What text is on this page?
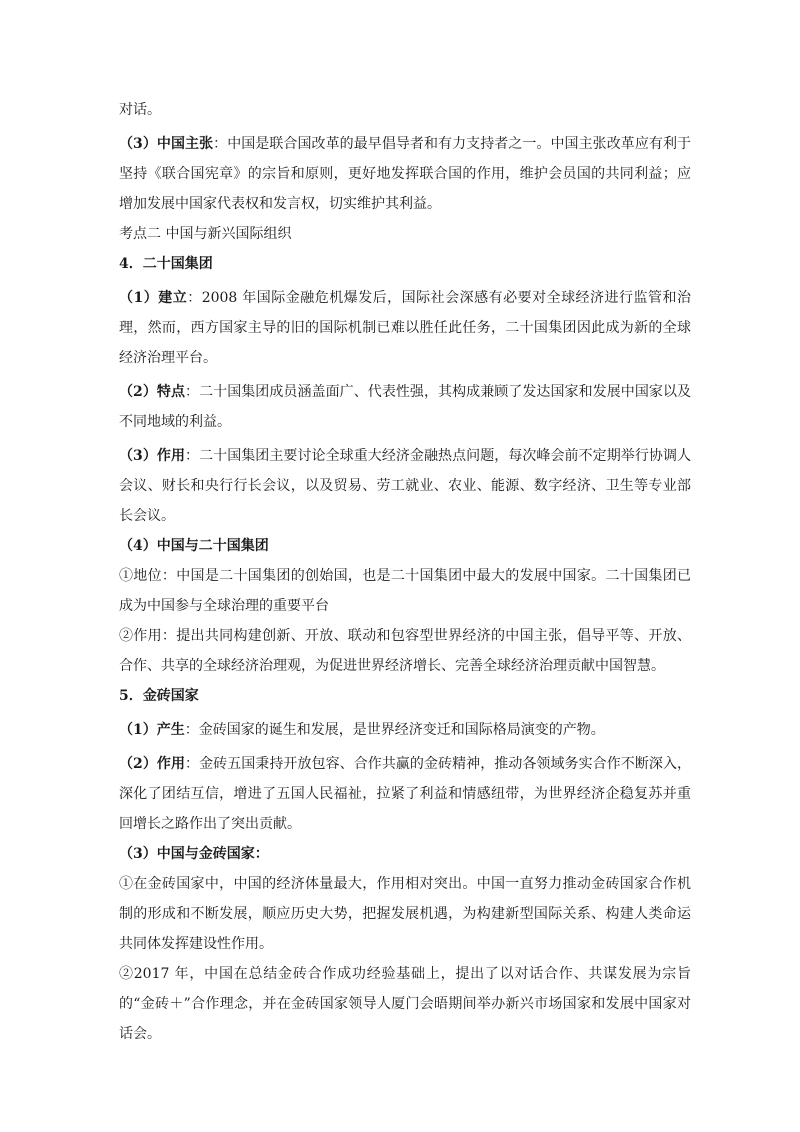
对话。

（3）中国主张：中国是联合国改革的最早倡导者和有力支持者之一。中国主张改革应有利于坚持《联合国宪章》的宗旨和原则，更好地发挥联合国的作用，维护会员国的共同利益；应增加发展中国家代表权和发言权，切实维护其利益。

考点二 中国与新兴国际组织

4．二十国集团

（1）建立：2008 年国际金融危机爆发后，国际社会深感有必要对全球经济进行监管和治理，然而，西方国家主导的旧的国际机制已难以胜任此任务，二十国集团因此成为新的全球经济治理平台。

（2）特点：二十国集团成员涵盖面广、代表性强，其构成兼顾了发达国家和发展中国家以及不同地域的利益。

（3）作用：二十国集团主要讨论全球重大经济金融热点问题，每次峰会前不定期举行协调人会议、财长和央行行长会议，以及贸易、劳工就业、农业、能源、数字经济、卫生等专业部长会议。

（4）中国与二十国集团

①地位：中国是二十国集团的创始国，也是二十国集团中最大的发展中国家。二十国集团已成为中国参与全球治理的重要平台

②作用：提出共同构建创新、开放、联动和包容型世界经济的中国主张，倡导平等、开放、合作、共享的全球经济治理观，为促进世界经济增长、完善全球经济治理贡献中国智慧。

5．金砖国家

（1）产生：金砖国家的诞生和发展，是世界经济变迁和国际格局演变的产物。

（2）作用：金砖五国秉持开放包容、合作共赢的金砖精神，推动各领域务实合作不断深入，深化了团结互信，增进了五国人民福祉，拉紧了利益和情感纽带，为世界经济企稳复苏并重回增长之路作出了突出贡献。

（3）中国与金砖国家：

①在金砖国家中，中国的经济体量最大，作用相对突出。中国一直努力推动金砖国家合作机制的形成和不断发展，顺应历史大势，把握发展机遇，为构建新型国际关系、构建人类命运共同体发挥建设性作用。

②2017 年，中国在总结金砖合作成功经验基础上，提出了以对话合作、共谋发展为宗旨的“金砖＋”合作理念，并在金砖国家领导人厦门会晤期间举办新兴市场国家和发展中国家对话会。
